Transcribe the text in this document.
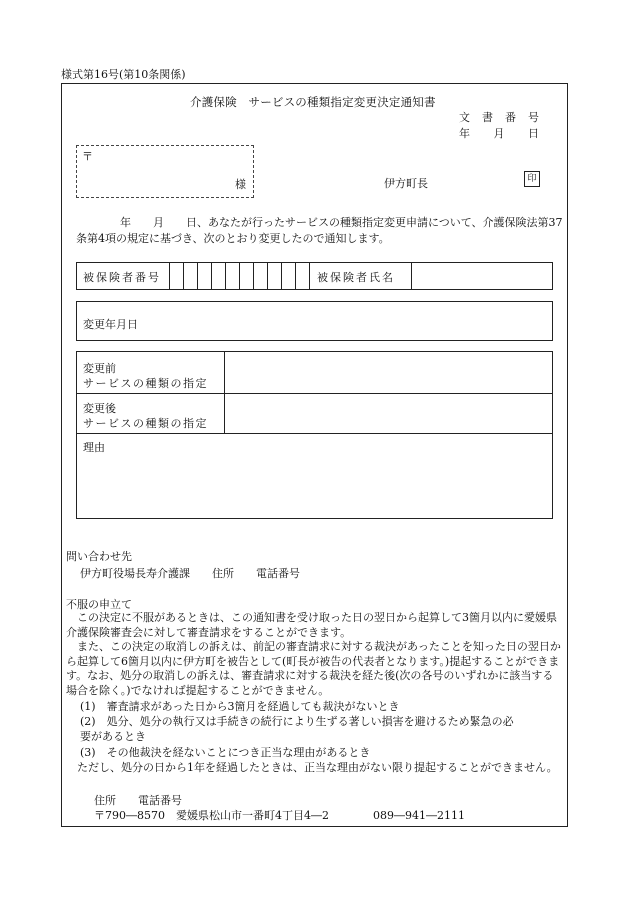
様式第16号(第10条関係)
介護保険　サービスの種類指定変更決定通知書
文 書 番 号
年 月 日
〒
様	伊方町長	印
　　　　年　　月　　日、あなたが行ったサービスの種類指定変更申請について、介護保険法第37条第4項の規定に基づき、次のとおり変更したので通知します。
被保険者番号	被保険者氏名
変更年月日
変更前
サービスの種類の指定
変更後
サービスの種類の指定
理由
問い合わせ先
伊方町役場長寿介護課　　住所　　電話番号
不服の申立て
　この決定に不服があるときは、この通知書を受け取った日の翌日から起算して3箇月以内に愛媛県介護保険審査会に対して審査請求をすることができます。
　また、この決定の取消しの訴えは、前記の審査請求に対する裁決があったことを知った日の翌日から起算して6箇月以内に伊方町を被告として(町長が被告の代表者となります。)提起することができます。なお、処分の取消しの訴えは、審査請求に対する裁決を経た後(次の各号のいずれかに該当する場合を除く。)でなければ提起することができません。
(1)　審査請求があった日から3箇月を経過しても裁決がないとき
(2)　処分、処分の執行又は手続きの続行により生ずる著しい損害を避けるため緊急の必要があるとき
(3)　その他裁決を経ないことにつき正当な理由があるとき
　ただし、処分の日から1年を経過したときは、正当な理由がない限り提起することができません。
住所　　電話番号
〒790―8570　愛媛県松山市一番町4丁目4―2　　　　089―941―2111
